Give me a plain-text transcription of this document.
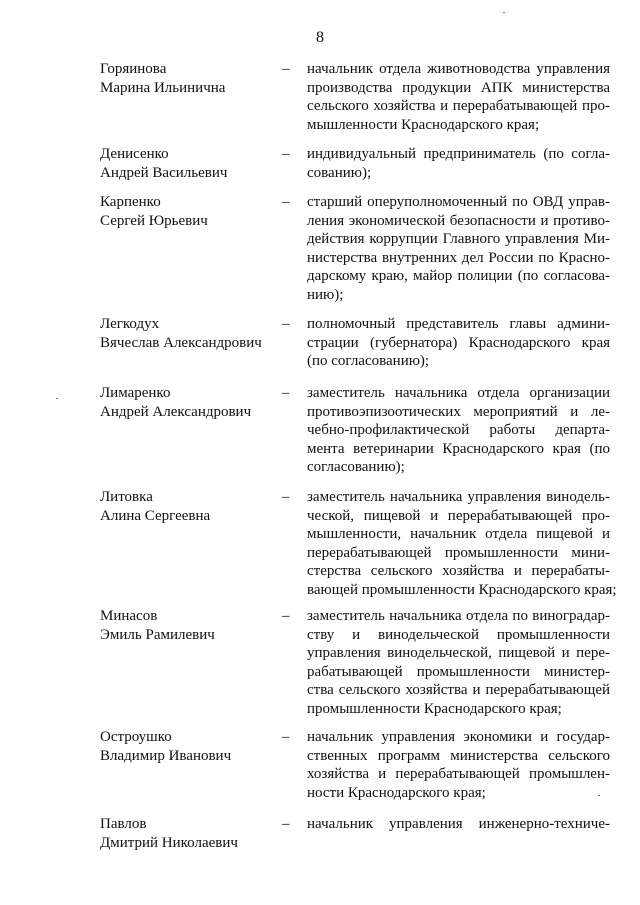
8
Горяинова
Марина Ильинична
– начальник отдела животноводства управления
производства продукции АПК министерства
сельского хозяйства и перерабатывающей про-
мышленности Краснодарского края;
Денисенко
Андрей Васильевич
– индивидуальный предприниматель (по согла-
сованию);
Карпенко
Сергей Юрьевич
– старший оперуполномоченный по ОВД управ-
ления экономической безопасности и противо-
действия коррупции Главного управления Ми-
нистерства внутренних дел России по Красно-
дарскому краю, майор полиции (по согласова-
нию);
Легкодух
Вячеслав Александрович
– полномочный представитель главы админи-
страции (губернатора) Краснодарского края
(по согласованию);
Лимаренко
Андрей Александрович
– заместитель начальника отдела организации
противоэпизоотических мероприятий и ле-
чебно-профилактической работы департа-
мента ветеринарии Краснодарского края (по
согласованию);
Литовка
Алина Сергеевна
– заместитель начальника управления винодель-
ческой, пищевой и перерабатывающей про-
мышленности, начальник отдела пищевой и
перерабатывающей промышленности мини-
стерства сельского хозяйства и перерабаты-
вающей промышленности Краснодарского края;
Минасов
Эмиль Рамилевич
– заместитель начальника отдела по виноградар-
ству и винодельческой промышленности
управления винодельческой, пищевой и пере-
рабатывающей промышленности министер-
ства сельского хозяйства и перерабатывающей
промышленности Краснодарского края;
Остроушко
Владимир Иванович
– начальник управления экономики и государ-
ственных программ министерства сельского
хозяйства и перерабатывающей промышлен-
ности Краснодарского края;
Павлов
Дмитрий Николаевич
– начальник управления инженерно-техниче-
